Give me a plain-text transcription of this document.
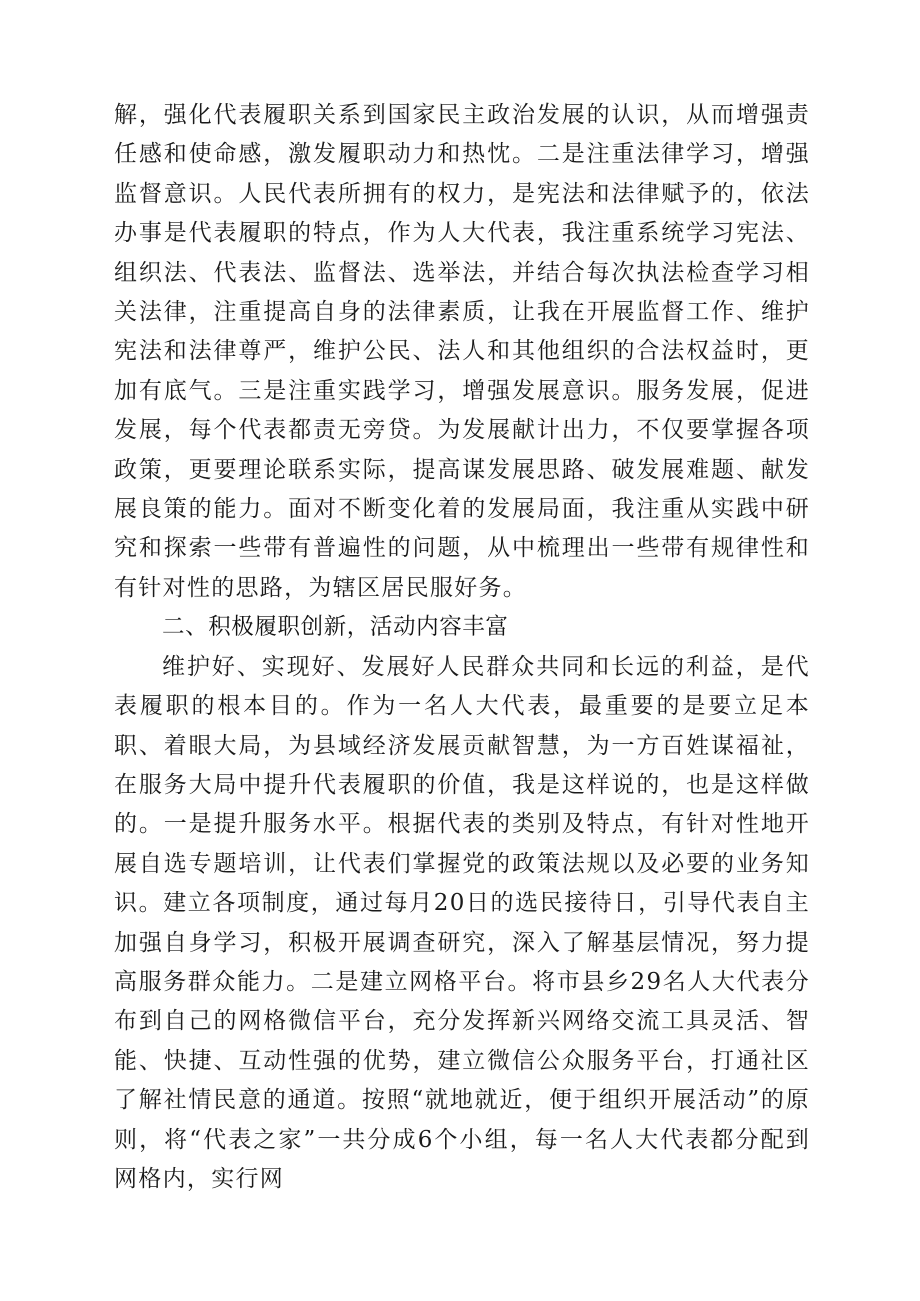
解，强化代表履职关系到国家民主政治发展的认识，从而增强责任感和使命感，激发履职动力和热忱。二是注重法律学习，增强监督意识。人民代表所拥有的权力，是宪法和法律赋予的，依法办事是代表履职的特点，作为人大代表，我注重系统学习宪法、组织法、代表法、监督法、选举法，并结合每次执法检查学习相关法律，注重提高自身的法律素质，让我在开展监督工作、维护宪法和法律尊严，维护公民、法人和其他组织的合法权益时，更加有底气。三是注重实践学习，增强发展意识。服务发展，促进发展，每个代表都责无旁贷。为发展献计出力，不仅要掌握各项政策，更要理论联系实际，提高谋发展思路、破发展难题、献发展良策的能力。面对不断变化着的发展局面，我注重从实践中研究和探索一些带有普遍性的问题，从中梳理出一些带有规律性和有针对性的思路，为辖区居民服好务。

二、积极履职创新，活动内容丰富

维护好、实现好、发展好人民群众共同和长远的利益，是代表履职的根本目的。作为一名人大代表，最重要的是要立足本职、着眼大局，为县域经济发展贡献智慧，为一方百姓谋福祉，在服务大局中提升代表履职的价值，我是这样说的，也是这样做的。一是提升服务水平。根据代表的类别及特点，有针对性地开展自选专题培训，让代表们掌握党的政策法规以及必要的业务知识。建立各项制度，通过每月20日的选民接待日，引导代表自主加强自身学习，积极开展调查研究，深入了解基层情况，努力提高服务群众能力。二是建立网格平台。将市县乡29名人大代表分布到自己的网格微信平台，充分发挥新兴网络交流工具灵活、智能、快捷、互动性强的优势，建立微信公众服务平台，打通社区了解社情民意的通道。按照“就地就近，便于组织开展活动”的原则，将“代表之家”一共分成6个小组，每一名人大代表都分配到网格内，实行网
